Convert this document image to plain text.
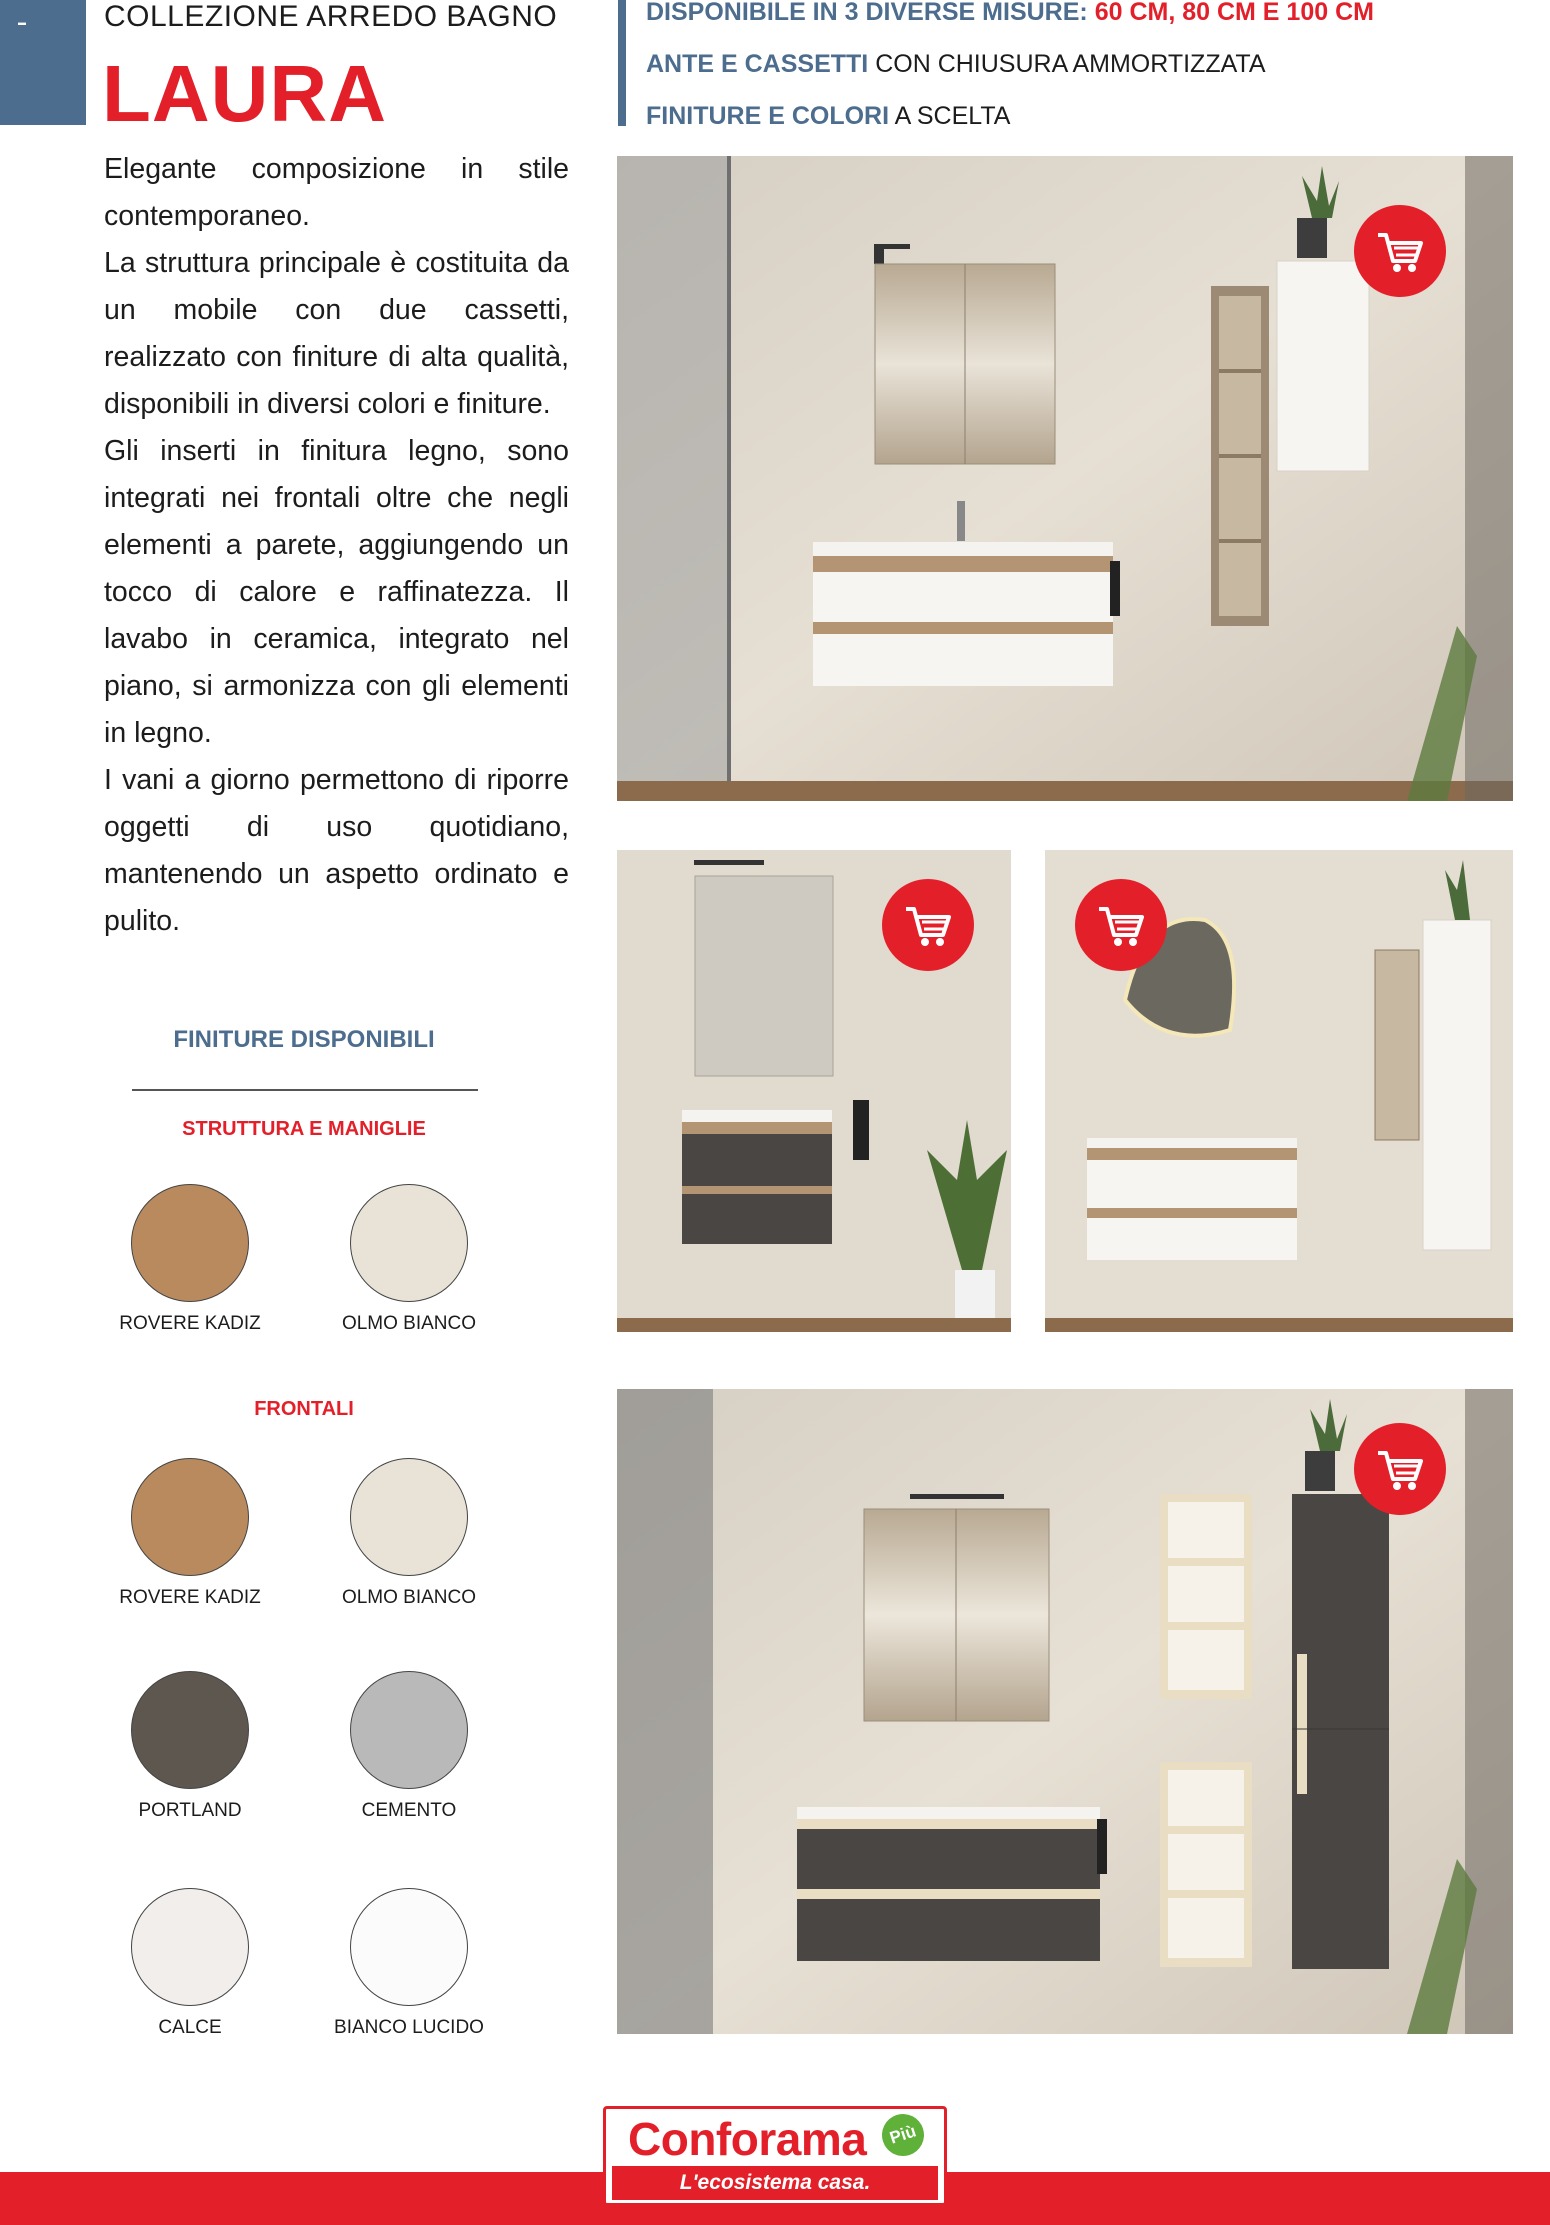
▬	COLLEZIONE ARREDO BAGNO
LAURA
DISPONIBILE IN 3 DIVERSE MISURE: 60 CM, 80 CM E 100 CM
ANTE E CASSETTI CON CHIUSURA AMMORTIZZATA
FINITURE E COLORI A SCELTA

Elegante composizione in stile contemporaneo.

La struttura principale è costituita da un mobile con due cassetti, realizzato con finiture di alta qualità, disponibili in diversi colori e finiture.

Gli inserti in finitura legno, sono integrati nei frontali oltre che negli elementi a parete, aggiungendo un tocco di calore e raffinatezza. Il lavabo in ceramica, integrato nel piano, si armonizza con gli elementi in legno.

I vani a giorno permettono di riporre oggetti di uso quotidiano, mantenendo un aspetto ordinato e pulito.

FINITURE DISPONIBILI
STRUTTURA E MANIGLIE
ROVERE KADIZ	OLMO BIANCO
FRONTALI
ROVERE KADIZ	OLMO BIANCO
PORTLAND	CEMENTO
CALCE	BIANCO LUCIDO
Conforama	Più
L'ecosistema casa.
